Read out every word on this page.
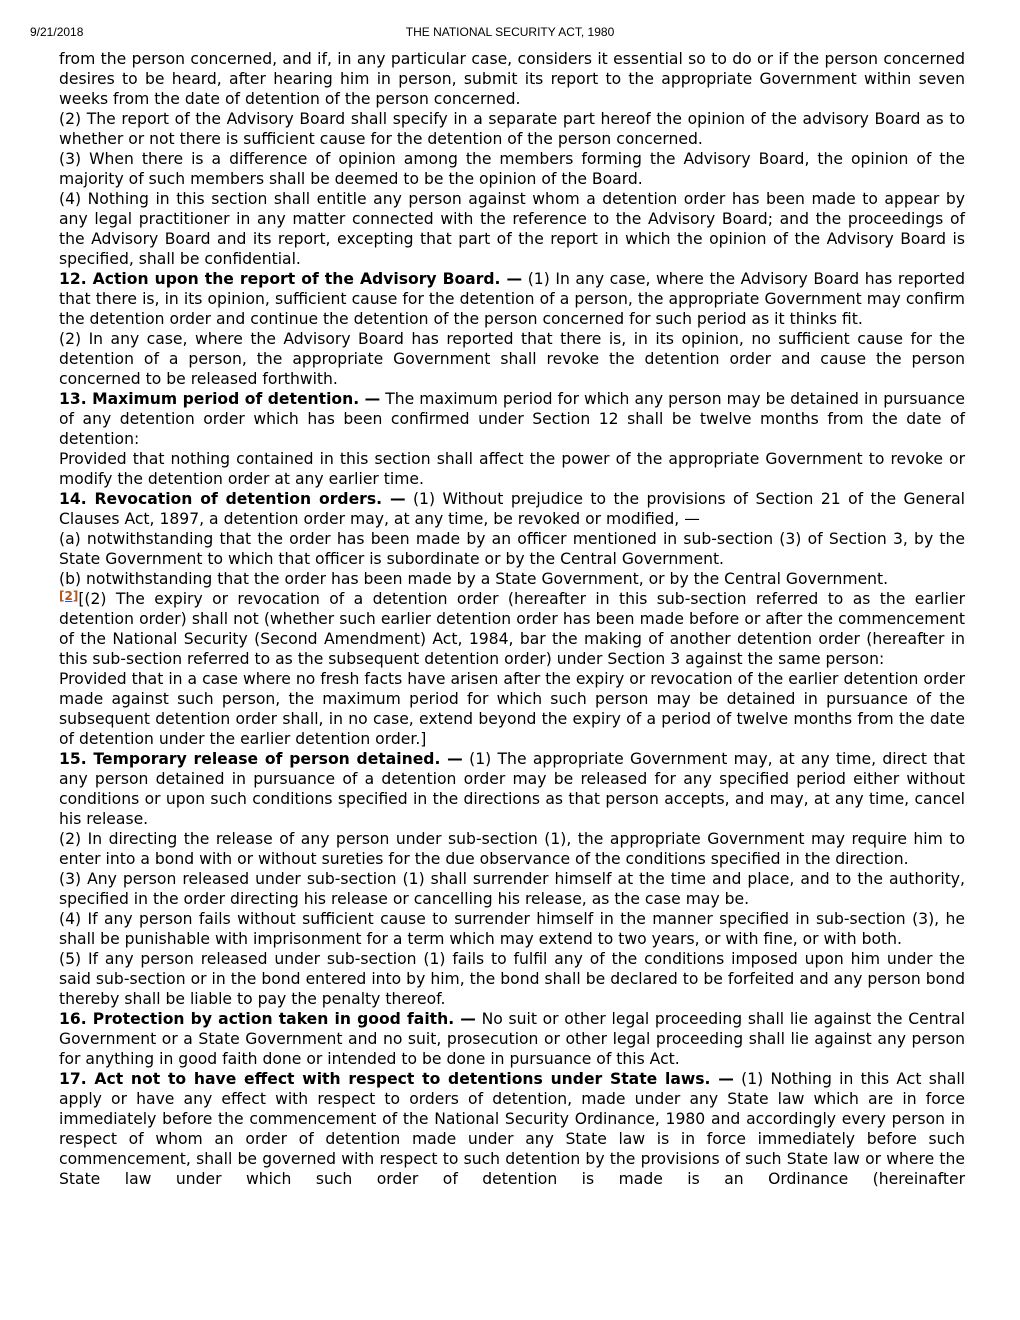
9/21/2018	THE NATIONAL SECURITY ACT, 1980

from the person concerned, and if, in any particular case, considers it essential so to do or if the person concerned desires to be heard, after hearing him in person, submit its report to the appropriate Government within seven weeks from the date of detention of the person concerned.

(2) The report of the Advisory Board shall specify in a separate part hereof the opinion of the advisory Board as to whether or not there is sufficient cause for the detention of the person concerned.

(3) When there is a difference of opinion among the members forming the Advisory Board, the opinion of the majority of such members shall be deemed to be the opinion of the Board.

(4) Nothing in this section shall entitle any person against whom a detention order has been made to appear by any legal practitioner in any matter connected with the reference to the Advisory Board; and the proceedings of the Advisory Board and its report, excepting that part of the report in which the opinion of the Advisory Board is specified, shall be confidential.

12. Action upon the report of the Advisory Board. — (1) In any case, where the Advisory Board has reported that there is, in its opinion, sufficient cause for the detention of a person, the appropriate Government may confirm the detention order and continue the detention of the person concerned for such period as it thinks fit.

(2) In any case, where the Advisory Board has reported that there is, in its opinion, no sufficient cause for the detention of a person, the appropriate Government shall revoke the detention order and cause the person concerned to be released forthwith.

13. Maximum period of detention. — The maximum period for which any person may be detained in pursuance of any detention order which has been confirmed under Section 12 shall be twelve months from the date of detention:

Provided that nothing contained in this section shall affect the power of the appropriate Government to revoke or modify the detention order at any earlier time.

14. Revocation of detention orders. — (1) Without prejudice to the provisions of Section 21 of the General Clauses Act, 1897, a detention order may, at any time, be revoked or modified, —

(a) notwithstanding that the order has been made by an officer mentioned in sub-section (3) of Section 3, by the State Government to which that officer is subordinate or by the Central Government.

(b) notwithstanding that the order has been made by a State Government, or by the Central Government.

[2][(2) The expiry or revocation of a detention order (hereafter in this sub-section referred to as the earlier detention order) shall not (whether such earlier detention order has been made before or after the commencement of the National Security (Second Amendment) Act, 1984, bar the making of another detention order (hereafter in this sub-section referred to as the subsequent detention order) under Section 3 against the same person:

Provided that in a case where no fresh facts have arisen after the expiry or revocation of the earlier detention order made against such person, the maximum period for which such person may be detained in pursuance of the subsequent detention order shall, in no case, extend beyond the expiry of a period of twelve months from the date of detention under the earlier detention order.]

15. Temporary release of person detained. — (1) The appropriate Government may, at any time, direct that any person detained in pursuance of a detention order may be released for any specified period either without conditions or upon such conditions specified in the directions as that person accepts, and may, at any time, cancel his release.

(2) In directing the release of any person under sub-section (1), the appropriate Government may require him to enter into a bond with or without sureties for the due observance of the conditions specified in the direction.

(3) Any person released under sub-section (1) shall surrender himself at the time and place, and to the authority, specified in the order directing his release or cancelling his release, as the case may be.

(4) If any person fails without sufficient cause to surrender himself in the manner specified in sub-section (3), he shall be punishable with imprisonment for a term which may extend to two years, or with fine, or with both.

(5) If any person released under sub-section (1) fails to fulfil any of the conditions imposed upon him under the said sub-section or in the bond entered into by him, the bond shall be declared to be forfeited and any person bond thereby shall be liable to pay the penalty thereof.

16. Protection by action taken in good faith. — No suit or other legal proceeding shall lie against the Central Government or a State Government and no suit, prosecution or other legal proceeding shall lie against any person for anything in good faith done or intended to be done in pursuance of this Act.

17. Act not to have effect with respect to detentions under State laws. — (1) Nothing in this Act shall apply or have any effect with respect to orders of detention, made under any State law which are in force immediately before the commencement of the National Security Ordinance, 1980 and accordingly every person in respect of whom an order of detention made under any State law is in force immediately before such commencement, shall be governed with respect to such detention by the provisions of such State law or where the State law under which such order of detention is made is an Ordinance (hereinafter
